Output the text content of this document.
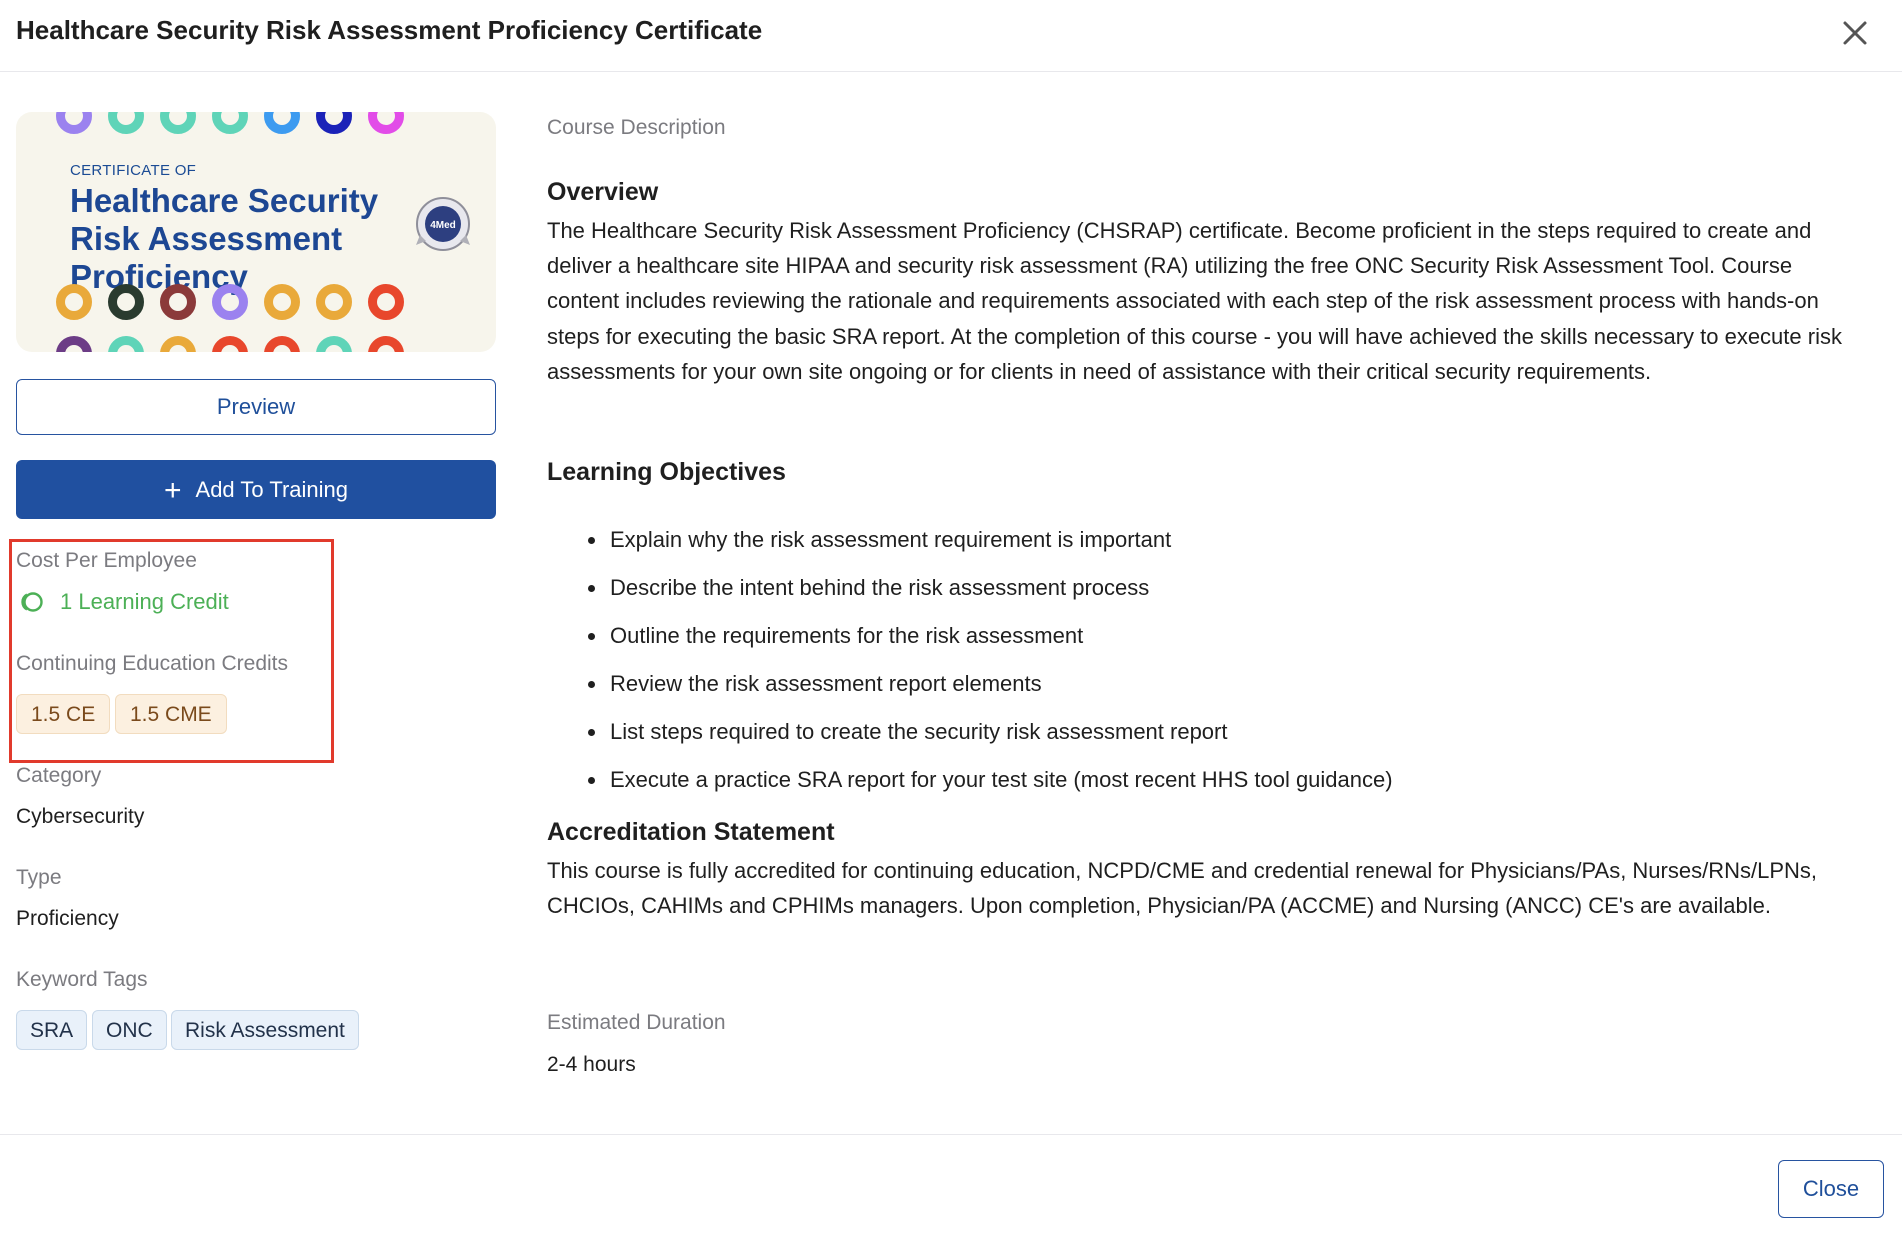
Healthcare Security Risk Assessment Proficiency Certificate
CERTIFICATE OF
Healthcare Security Risk Assessment Proficiency
4Med
Preview
+ Add To Training
Cost Per Employee
1 Learning Credit
Continuing Education Credits
1.5 CE	1.5 CME
Category
Cybersecurity
Type
Proficiency
Keyword Tags
SRA	ONC	Risk Assessment
Course Description
Overview
The Healthcare Security Risk Assessment Proficiency (CHSRAP) certificate. Become proficient in the steps required to create and deliver a healthcare site HIPAA and security risk assessment (RA) utilizing the free ONC Security Risk Assessment Tool. Course content includes reviewing the rationale and requirements associated with each step of the risk assessment process with hands-on steps for executing the basic SRA report. At the completion of this course - you will have achieved the skills necessary to execute risk assessments for your own site ongoing or for clients in need of assistance with their critical security requirements.
Learning Objectives
Explain why the risk assessment requirement is important
Describe the intent behind the risk assessment process
Outline the requirements for the risk assessment
Review the risk assessment report elements
List steps required to create the security risk assessment report
Execute a practice SRA report for your test site (most recent HHS tool guidance)
Accreditation Statement
This course is fully accredited for continuing education, NCPD/CME and credential renewal for Physicians/PAs, Nurses/RNs/LPNs, CHCIOs, CAHIMs and CPHIMs managers. Upon completion, Physician/PA (ACCME) and Nursing (ANCC) CE's are available.
Estimated Duration
2-4 hours
Close
